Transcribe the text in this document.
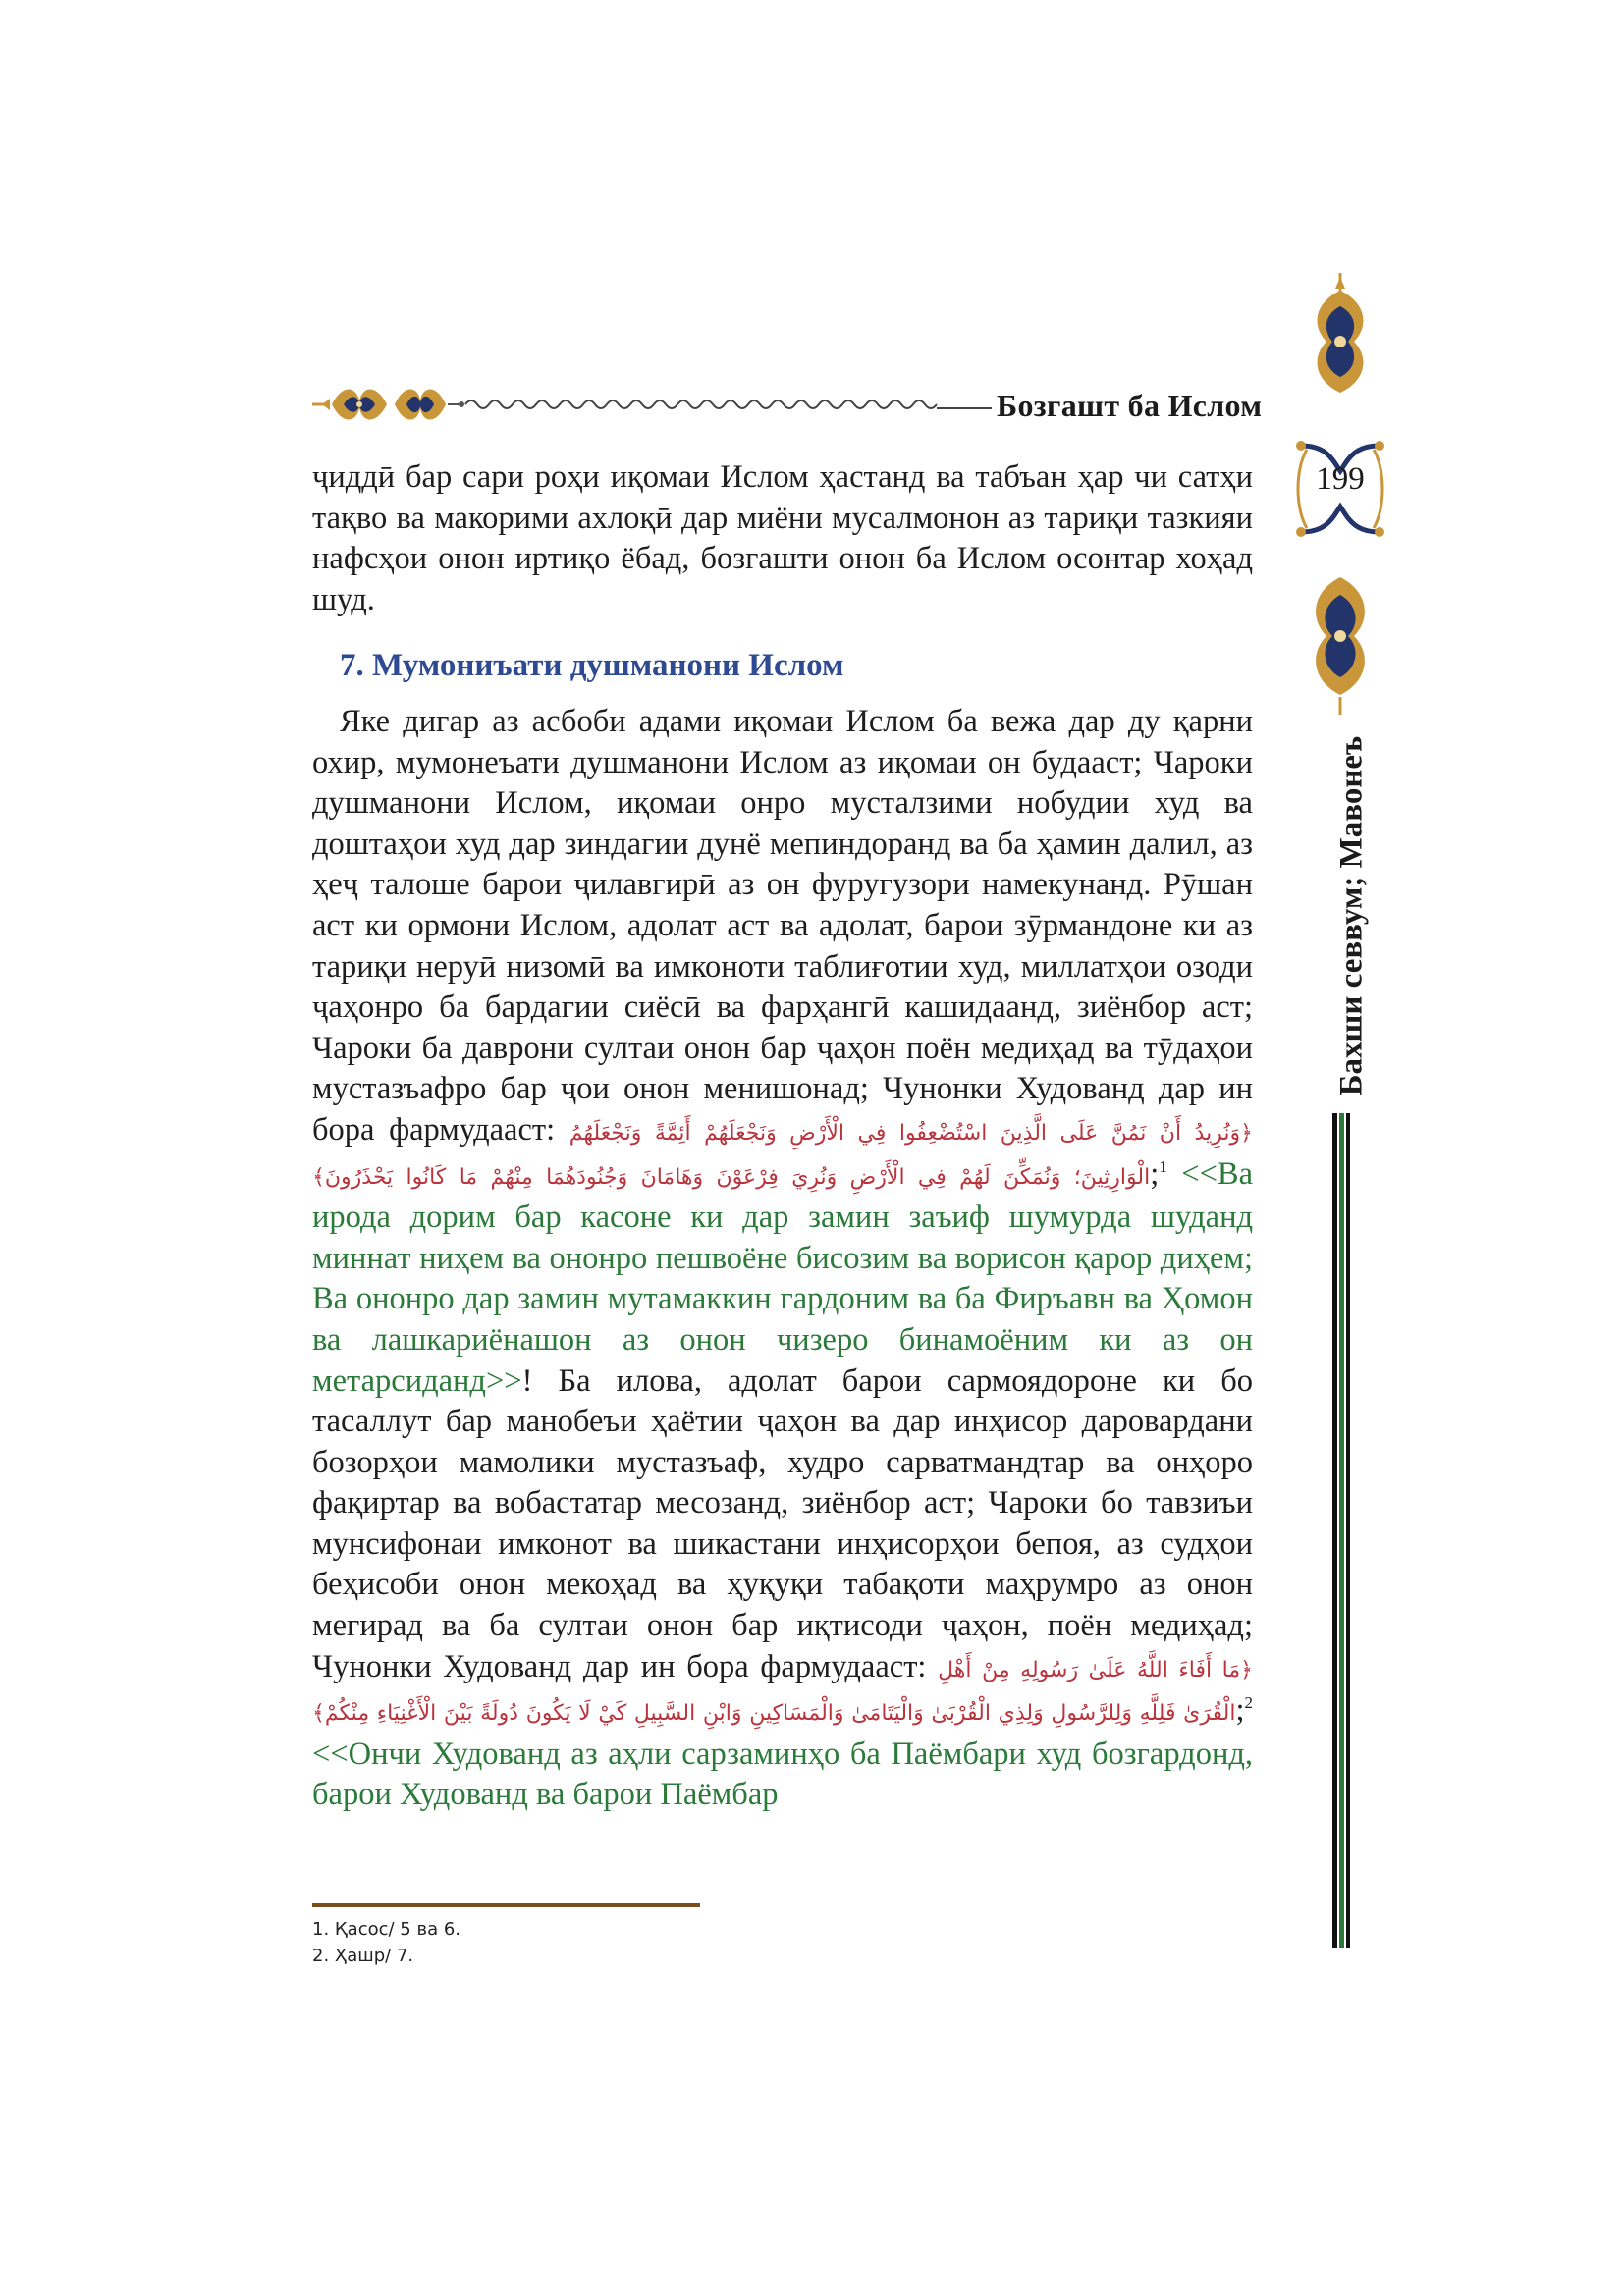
Бозгашт ба Ислом
199
Бахши севвум; Мавонеъ

ҷиддӣ бар сари роҳи иқомаи Ислом ҳастанд ва табъан ҳар чи сатҳи тақво ва макорими ахлоқӣ дар миёни мусалмонон аз тариқи тазкияи нафсҳои онон иртиқо ёбад, бозгашти онон ба Ислом осонтар хоҳад шуд.

7. Мумониъати душманони Ислом

Яке дигар аз асбоби адами иқомаи Ислом ба вежа дар ду қарни охир, мумонеъати душманони Ислом аз иқомаи он будааст; Чароки душманони Ислом, иқомаи онро мусталзими нобудии худ ва доштаҳои худ дар зиндагии дунё мепиндоранд ва ба ҳамин далил, аз ҳеҷ талоше барои ҷилавгирӣ аз он фуругузори намекунанд. Рӯшан аст ки ормони Ислом, адолат аст ва адолат, барои зӯрмандоне ки аз тариқи неруӣ низомӣ ва имконоти таблиғотии худ, миллатҳои озоди ҷаҳонро ба бардагии сиёсӣ ва фарҳангӣ кашидаанд, зиёнбор аст; Чароки ба даврони султаи онон бар ҷаҳон поён медиҳад ва тӯдаҳои мустазъафро бар ҷои онон менишонад; Чунонки Худованд дар ин бора фармудааст: ﴿وَنُرِيدُ أَنْ نَمُنَّ عَلَى الَّذِينَ اسْتُضْعِفُوا فِي الْأَرْضِ وَنَجْعَلَهُمْ أَئِمَّةً وَنَجْعَلَهُمُ الْوَارِثِينَ؛ وَنُمَكِّنَ لَهُمْ فِي الْأَرْضِ وَنُرِيَ فِرْعَوْنَ وَهَامَانَ وَجُنُودَهُمَا مِنْهُمْ مَا كَانُوا يَحْذَرُونَ﴾;$^1$ <<Ва ирода дорим бар касоне ки дар замин заъиф шумурда шуданд миннат ниҳем ва ононро пешвоёне бисозим ва ворисон қарор диҳем; Ва ононро дар замин мутамаккин гардоним ва ба Фиръавн ва Ҳомон ва лашкариёнашон аз онон чизеро бинамоёним ки аз он метарсиданд>>! Ба илова, адолат барои сармоядороне ки бо тасаллут бар манобеъи ҳаётии ҷаҳон ва дар инҳисор даровардани бозорҳои мамолики мустазъаф, худро сарватмандтар ва онҳоро фақиртар ва вобастатар месозанд, зиёнбор аст; Чароки бо тавзиъи мунсифонаи имконот ва шикастани инҳисорҳои бепоя, аз судҳои беҳисоби онон мекоҳад ва ҳуқуқи табақоти маҳрумро аз онон мегирад ва ба султаи онон бар иқтисоди ҷаҳон, поён медиҳад; Чунонки Худованд дар ин бора фармудааст: ﴿مَا أَفَاءَ اللَّهُ عَلَىٰ رَسُولِهِ مِنْ أَهْلِ الْقُرَىٰ فَلِلَّهِ وَلِلرَّسُولِ وَلِذِي الْقُرْبَىٰ وَالْيَتَامَىٰ وَالْمَسَاكِينِ وَابْنِ السَّبِيلِ كَيْ لَا يَكُونَ دُولَةً بَيْنَ الْأَغْنِيَاءِ مِنْكُمْ﴾;$^2$ <<Ончи Худованд аз аҳли сарзаминҳо ба Паёмбари худ бозгардонд, барои Худованд ва барои Паёмбар

1. Қасос/ 5 ва 6.
2. Ҳашр/ 7.
